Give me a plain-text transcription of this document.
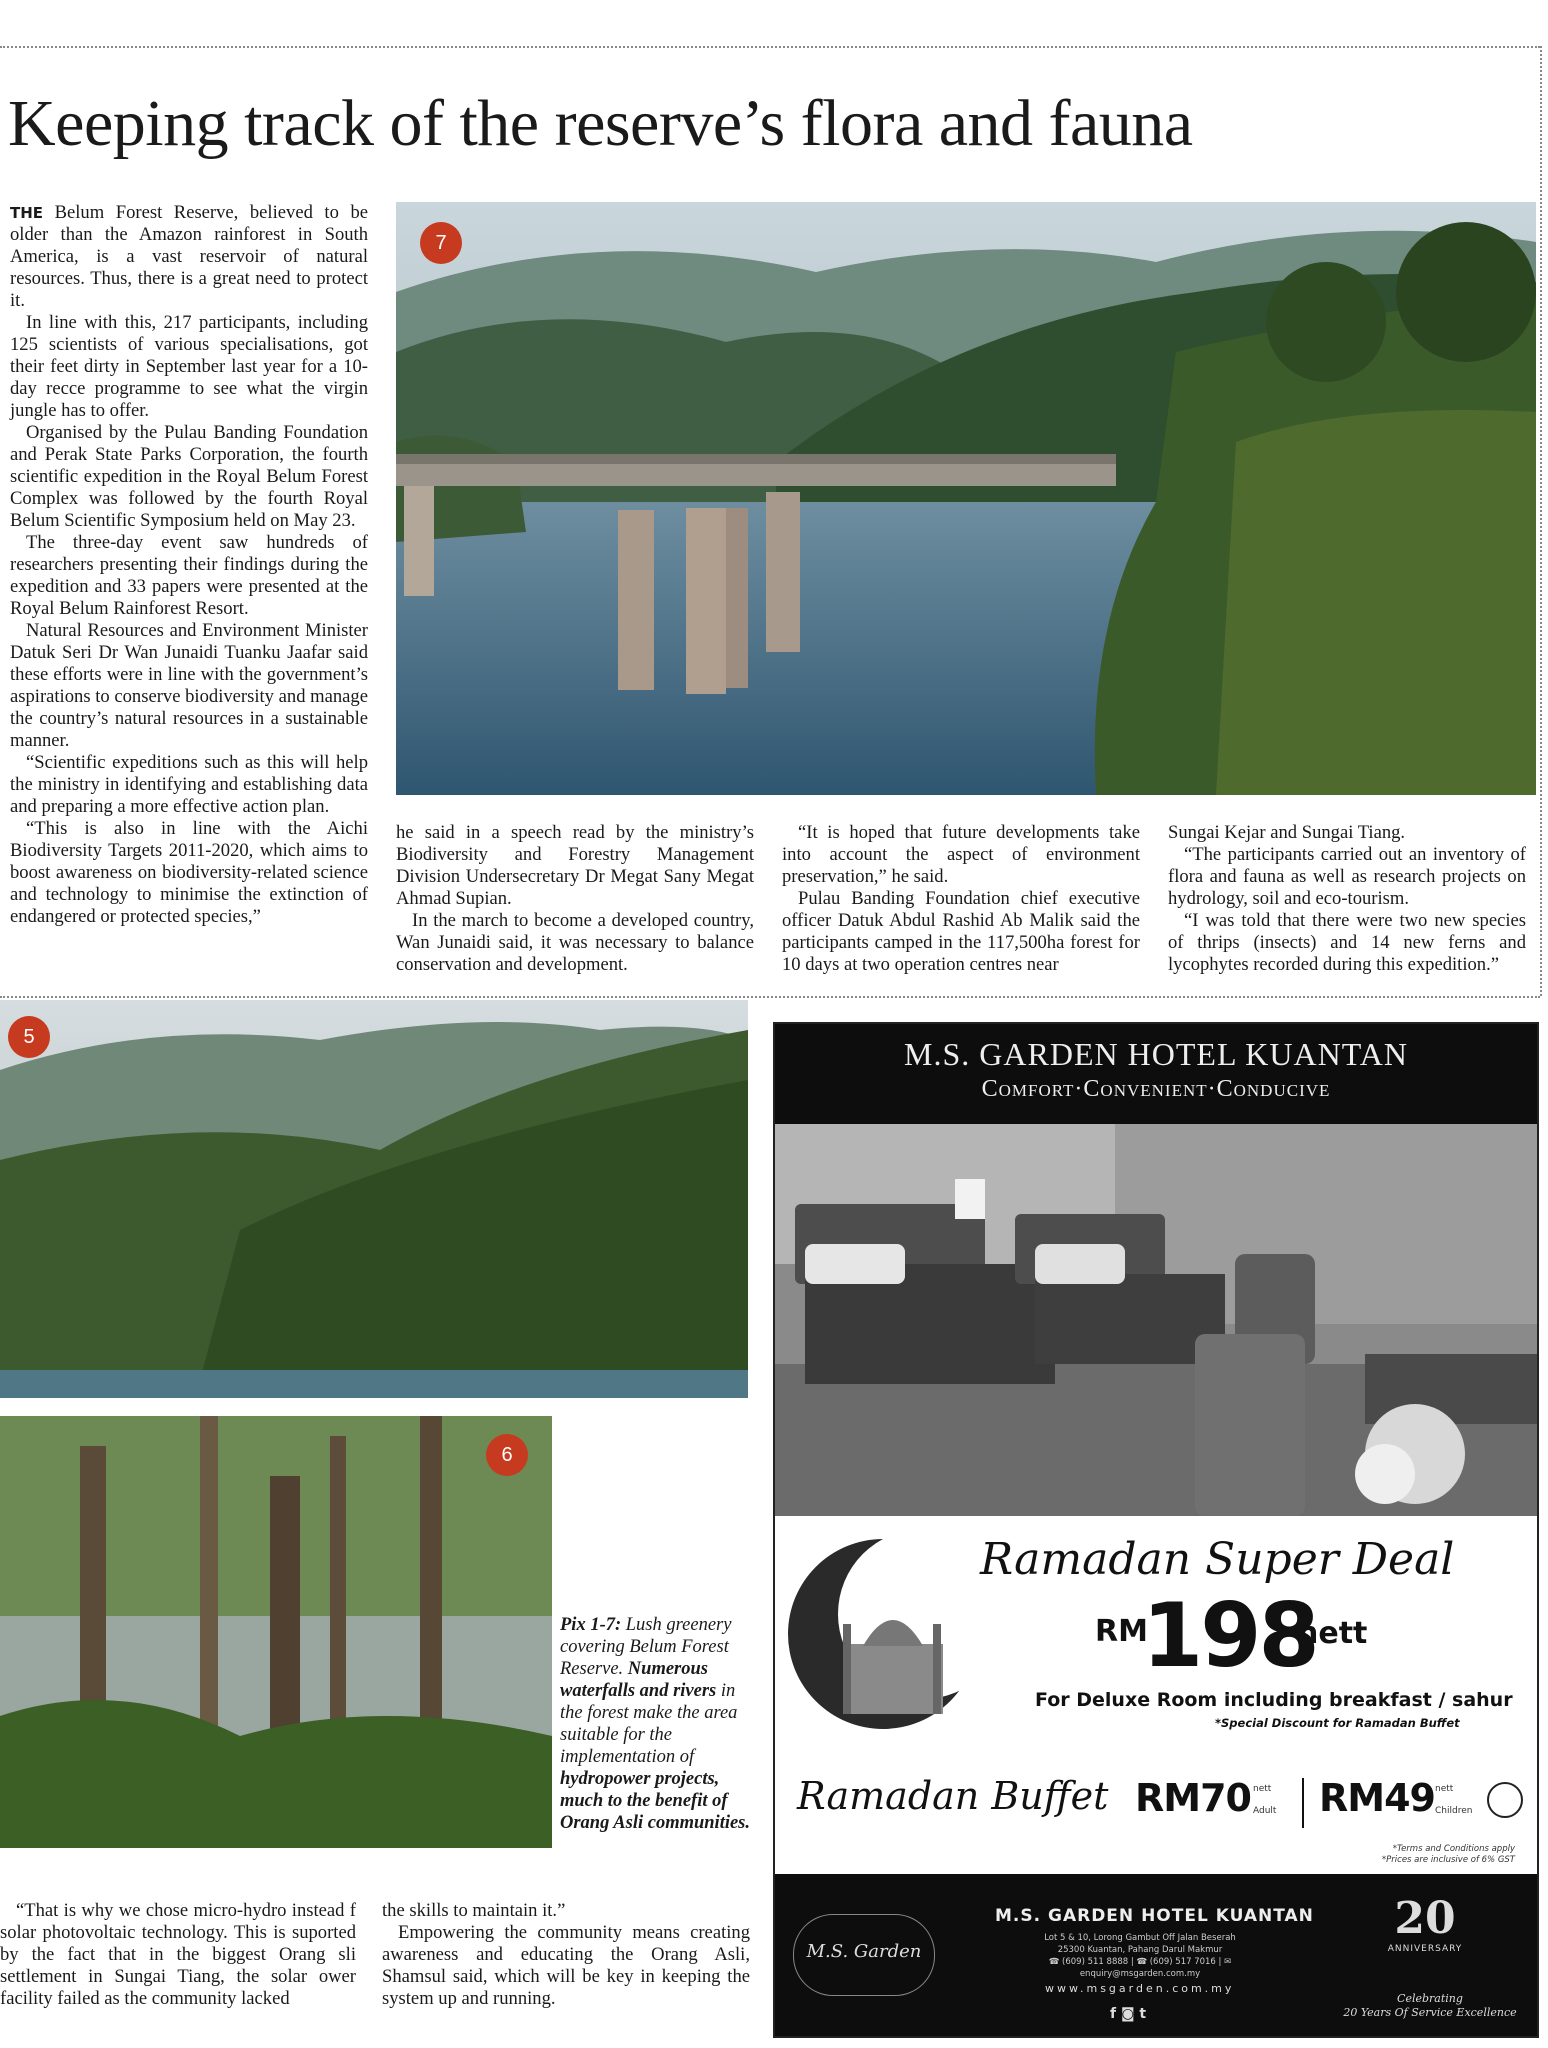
Keeping track of the reserve’s flora and fauna

THE Belum Forest Reserve, believed to be older than the Amazon rainforest in South America, is a vast reservoir of natural resources. Thus, there is a great need to protect it.

In line with this, 217 participants, including 125 scientists of various specialisations, got their feet dirty in September last year for a 10-day recce programme to see what the virgin jungle has to offer.

Organised by the Pulau Banding Foundation and Perak State Parks Corporation, the fourth scientific expedition in the Royal Belum Forest Complex was followed by the fourth Royal Belum Scientific Symposium held on May 23.

The three-day event saw hundreds of researchers presenting their findings during the expedition and 33 papers were presented at the Royal Belum Rainforest Resort.

Natural Resources and Environment Minister Datuk Seri Dr Wan Junaidi Tuanku Jaafar said these efforts were in line with the government’s aspirations to conserve biodiversity and manage the country’s natural resources in a sustainable manner.

“Scientific expeditions such as this will help the ministry in identifying and establishing data and preparing a more effective action plan.

“This is also in line with the Aichi Biodiversity Targets 2011-2020, which aims to boost awareness on biodiversity-related science and technology to minimise the extinction of endangered or protected species,”

7

he said in a speech read by the ministry’s Biodiversity and Forestry Management Division Undersecretary Dr Megat Sany Megat Ahmad Supian.

In the march to become a developed country, Wan Junaidi said, it was necessary to balance conservation and development.

“It is hoped that future developments take into account the aspect of environment preservation,” he said.

Pulau Banding Foundation chief executive officer Datuk Abdul Rashid Ab Malik said the participants camped in the 117,500ha forest for 10 days at two operation centres near

Sungai Kejar and Sungai Tiang.

“The participants carried out an inventory of flora and fauna as well as research projects on hydrology, soil and eco-tourism.

“I was told that there were two new species of thrips (insects) and 14 new ferns and lycophytes recorded during this expedition.”

5
6
Pix 1-7: Lush greenery covering Belum Forest Reserve. Numerous waterfalls and rivers in the forest make the area suitable for the implementation of hydropower projects, much to the benefit of Orang Asli communities.

“That is why we chose micro-hydro instead f solar photovoltaic technology. This is suported by the fact that in the biggest Orang sli settlement in Sungai Tiang, the solar ower facility failed as the community lacked

the skills to maintain it.”

Empowering the community means creating awareness and educating the Orang Asli, Shamsul said, which will be key in keeping the system up and running.

M.S. GARDEN HOTEL KUANTAN
Comfort·Convenient·Conducive
Ramadan Super Deal
RM
198
nett
For Deluxe Room including breakfast / sahur
*Special Discount for Ramadan Buffet
Ramadan Buffet RM70 nett
Adult RM49 nett
Children
*Terms and Conditions apply
*Prices are inclusive of 6% GST
M.S. Garden
M.S. GARDEN HOTEL KUANTAN
Lot 5 & 10, Lorong Gambut Off Jalan Beserah
25300 Kuantan, Pahang Darul Makmur
☎ (609) 511 8888 | ☎ (609) 517 7016 | ✉ enquiry@msgarden.com.my
www.msgarden.com.my
f ◙ t
20
ANNIVERSARY
Celebrating
20 Years Of Service Excellence
